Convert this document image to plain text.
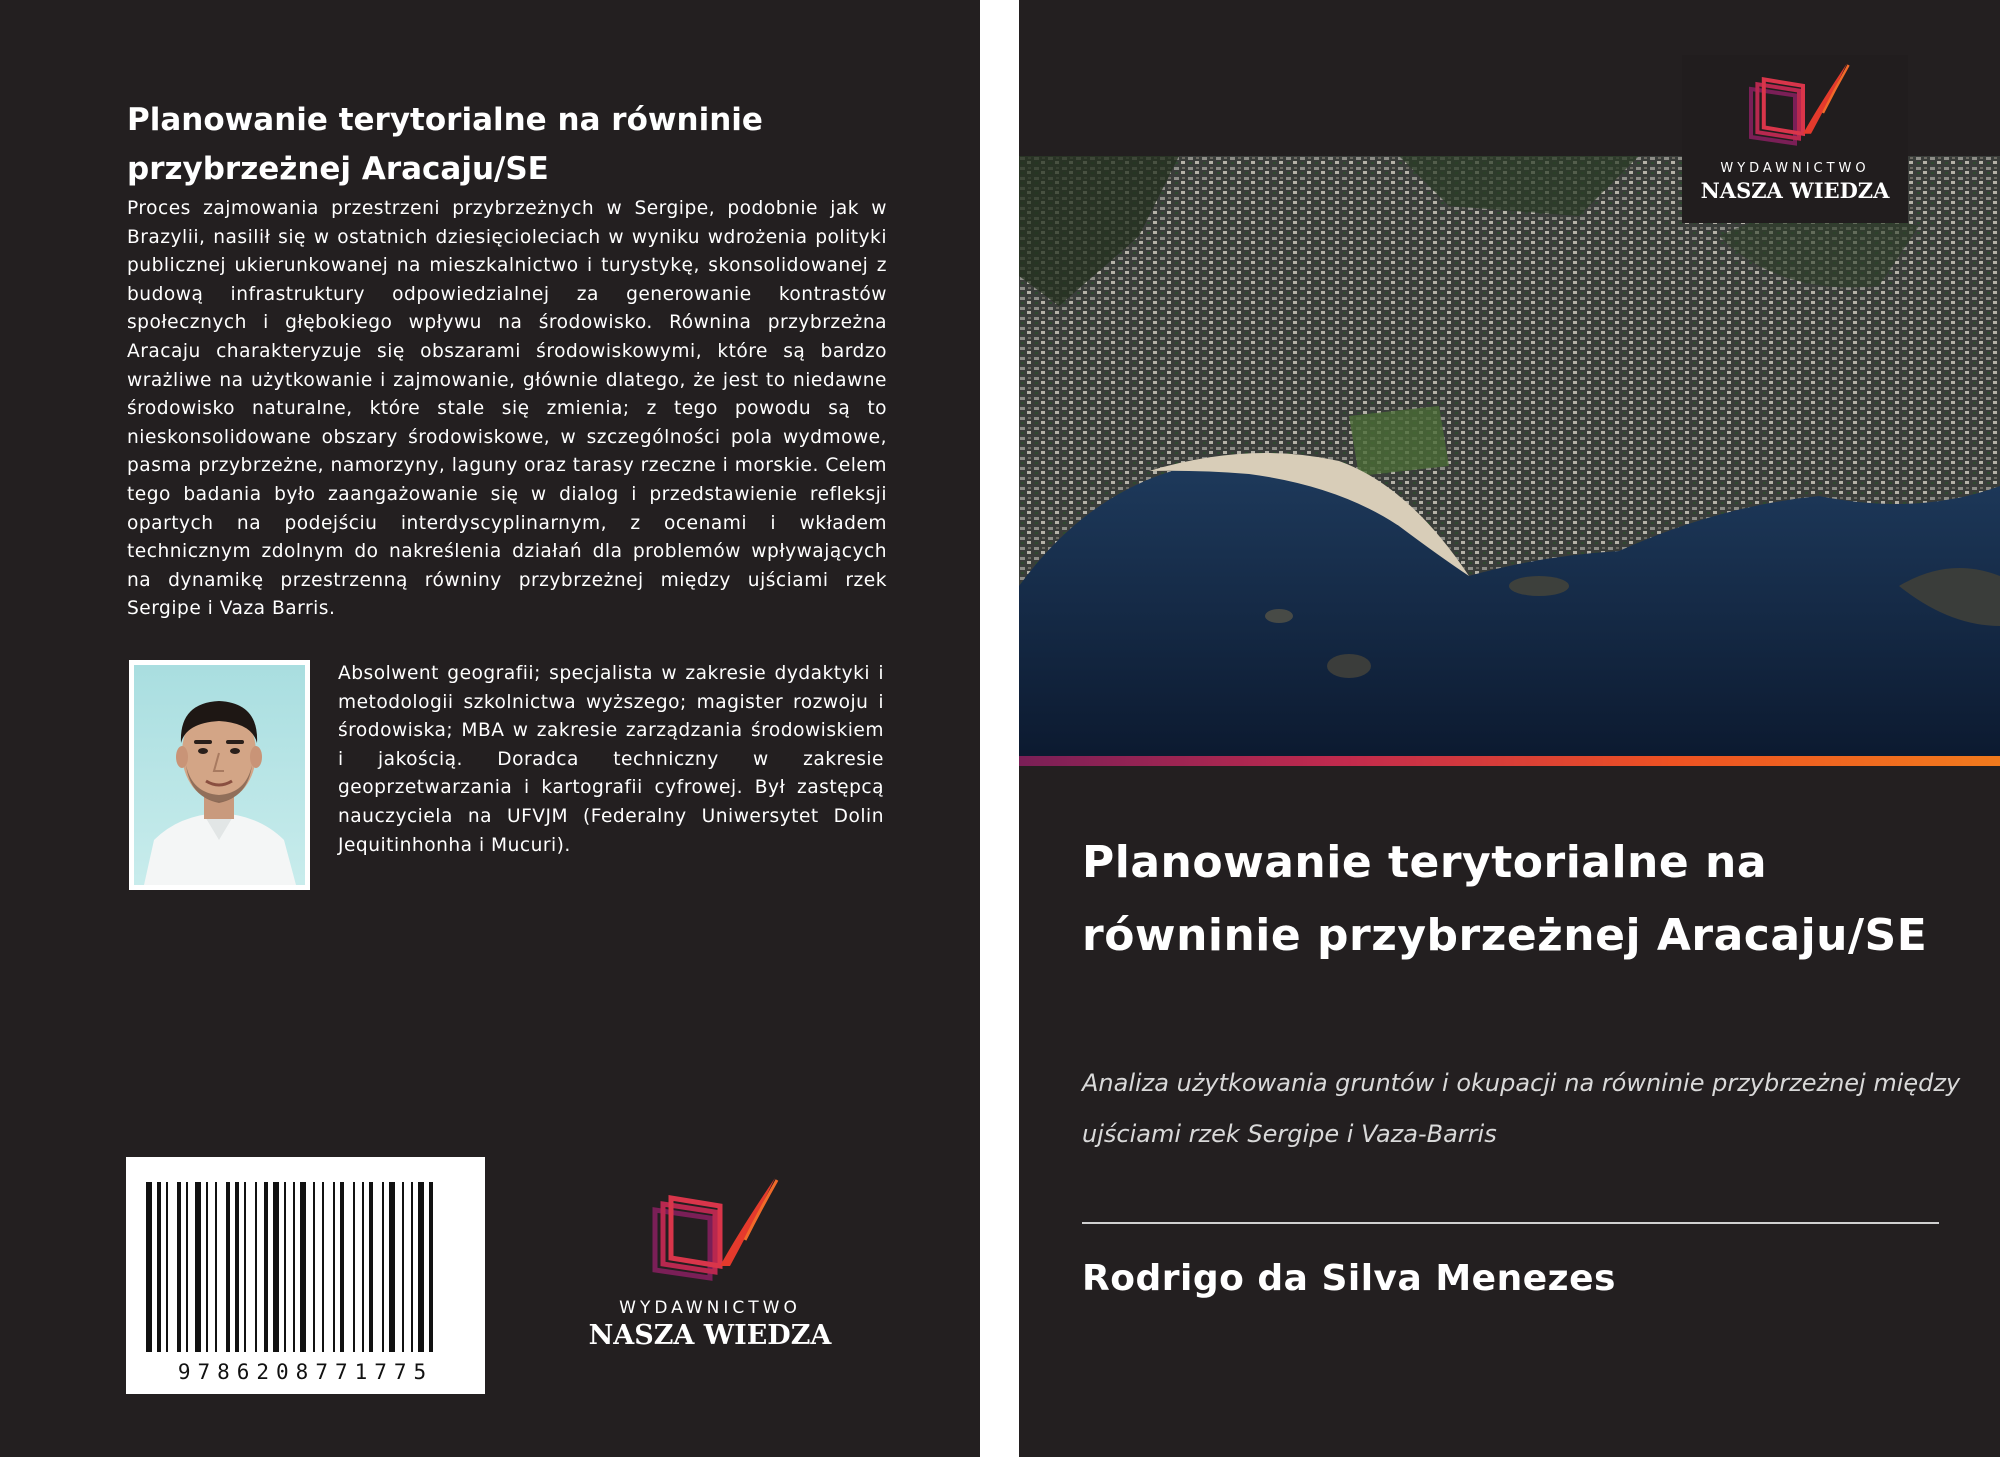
Planowanie terytorialne na równinie przybrzeżnej Aracaju/SE

Proces zajmowania przestrzeni przybrzeżnych w Sergipe, podobnie jak w Brazylii, nasilił się w ostatnich dziesięcioleciach w wyniku wdrożenia polityki publicznej ukierunkowanej na mieszkalnictwo i turystykę, skonsolidowanej z budową infrastruktury odpowiedzialnej za generowanie kontrastów społecznych i głębokiego wpływu na środowisko. Równina przybrzeżna Aracaju charakteryzuje się obszarami środowiskowymi, które są bardzo wrażliwe na użytkowanie i zajmowanie, głównie dlatego, że jest to niedawne środowisko naturalne, które stale się zmienia; z tego powodu są to nieskonsolidowane obszary środowiskowe, w szczególności pola wydmowe, pasma przybrzeżne, namorzyny, laguny oraz tarasy rzeczne i morskie. Celem tego badania było zaangażowanie się w dialog i przedstawienie refleksji opartych na podejściu interdyscyplinarnym, z ocenami i wkładem technicznym zdolnym do nakreślenia działań dla problemów wpływających na dynamikę przestrzenną równiny przybrzeżnej między ujściami rzek Sergipe i Vaza Barris.

Absolwent geografii; specjalista w zakresie dydaktyki i metodologii szkolnictwa wyższego; magister rozwoju i środowiska; MBA w zakresie zarządzania środowiskiem i jakością. Doradca techniczny w zakresie geoprzetwarzania i kartografii cyfrowej. Był zastępcą nauczyciela na UFVJM (Federalny Uniwersytet Dolin Jequitinhonha i Mucuri).

9786208771775
WYDAWNICTWO
NASZA WIEDZA
Planowanie terytorialne na równinie przybrzeżnej Aracaju/SE

Analiza użytkowania gruntów i okupacji na równinie przybrzeżnej między ujściami rzek Sergipe i Vaza-Barris

Rodrigo da Silva Menezes
WYDAWNICTWO
NASZA WIEDZA
